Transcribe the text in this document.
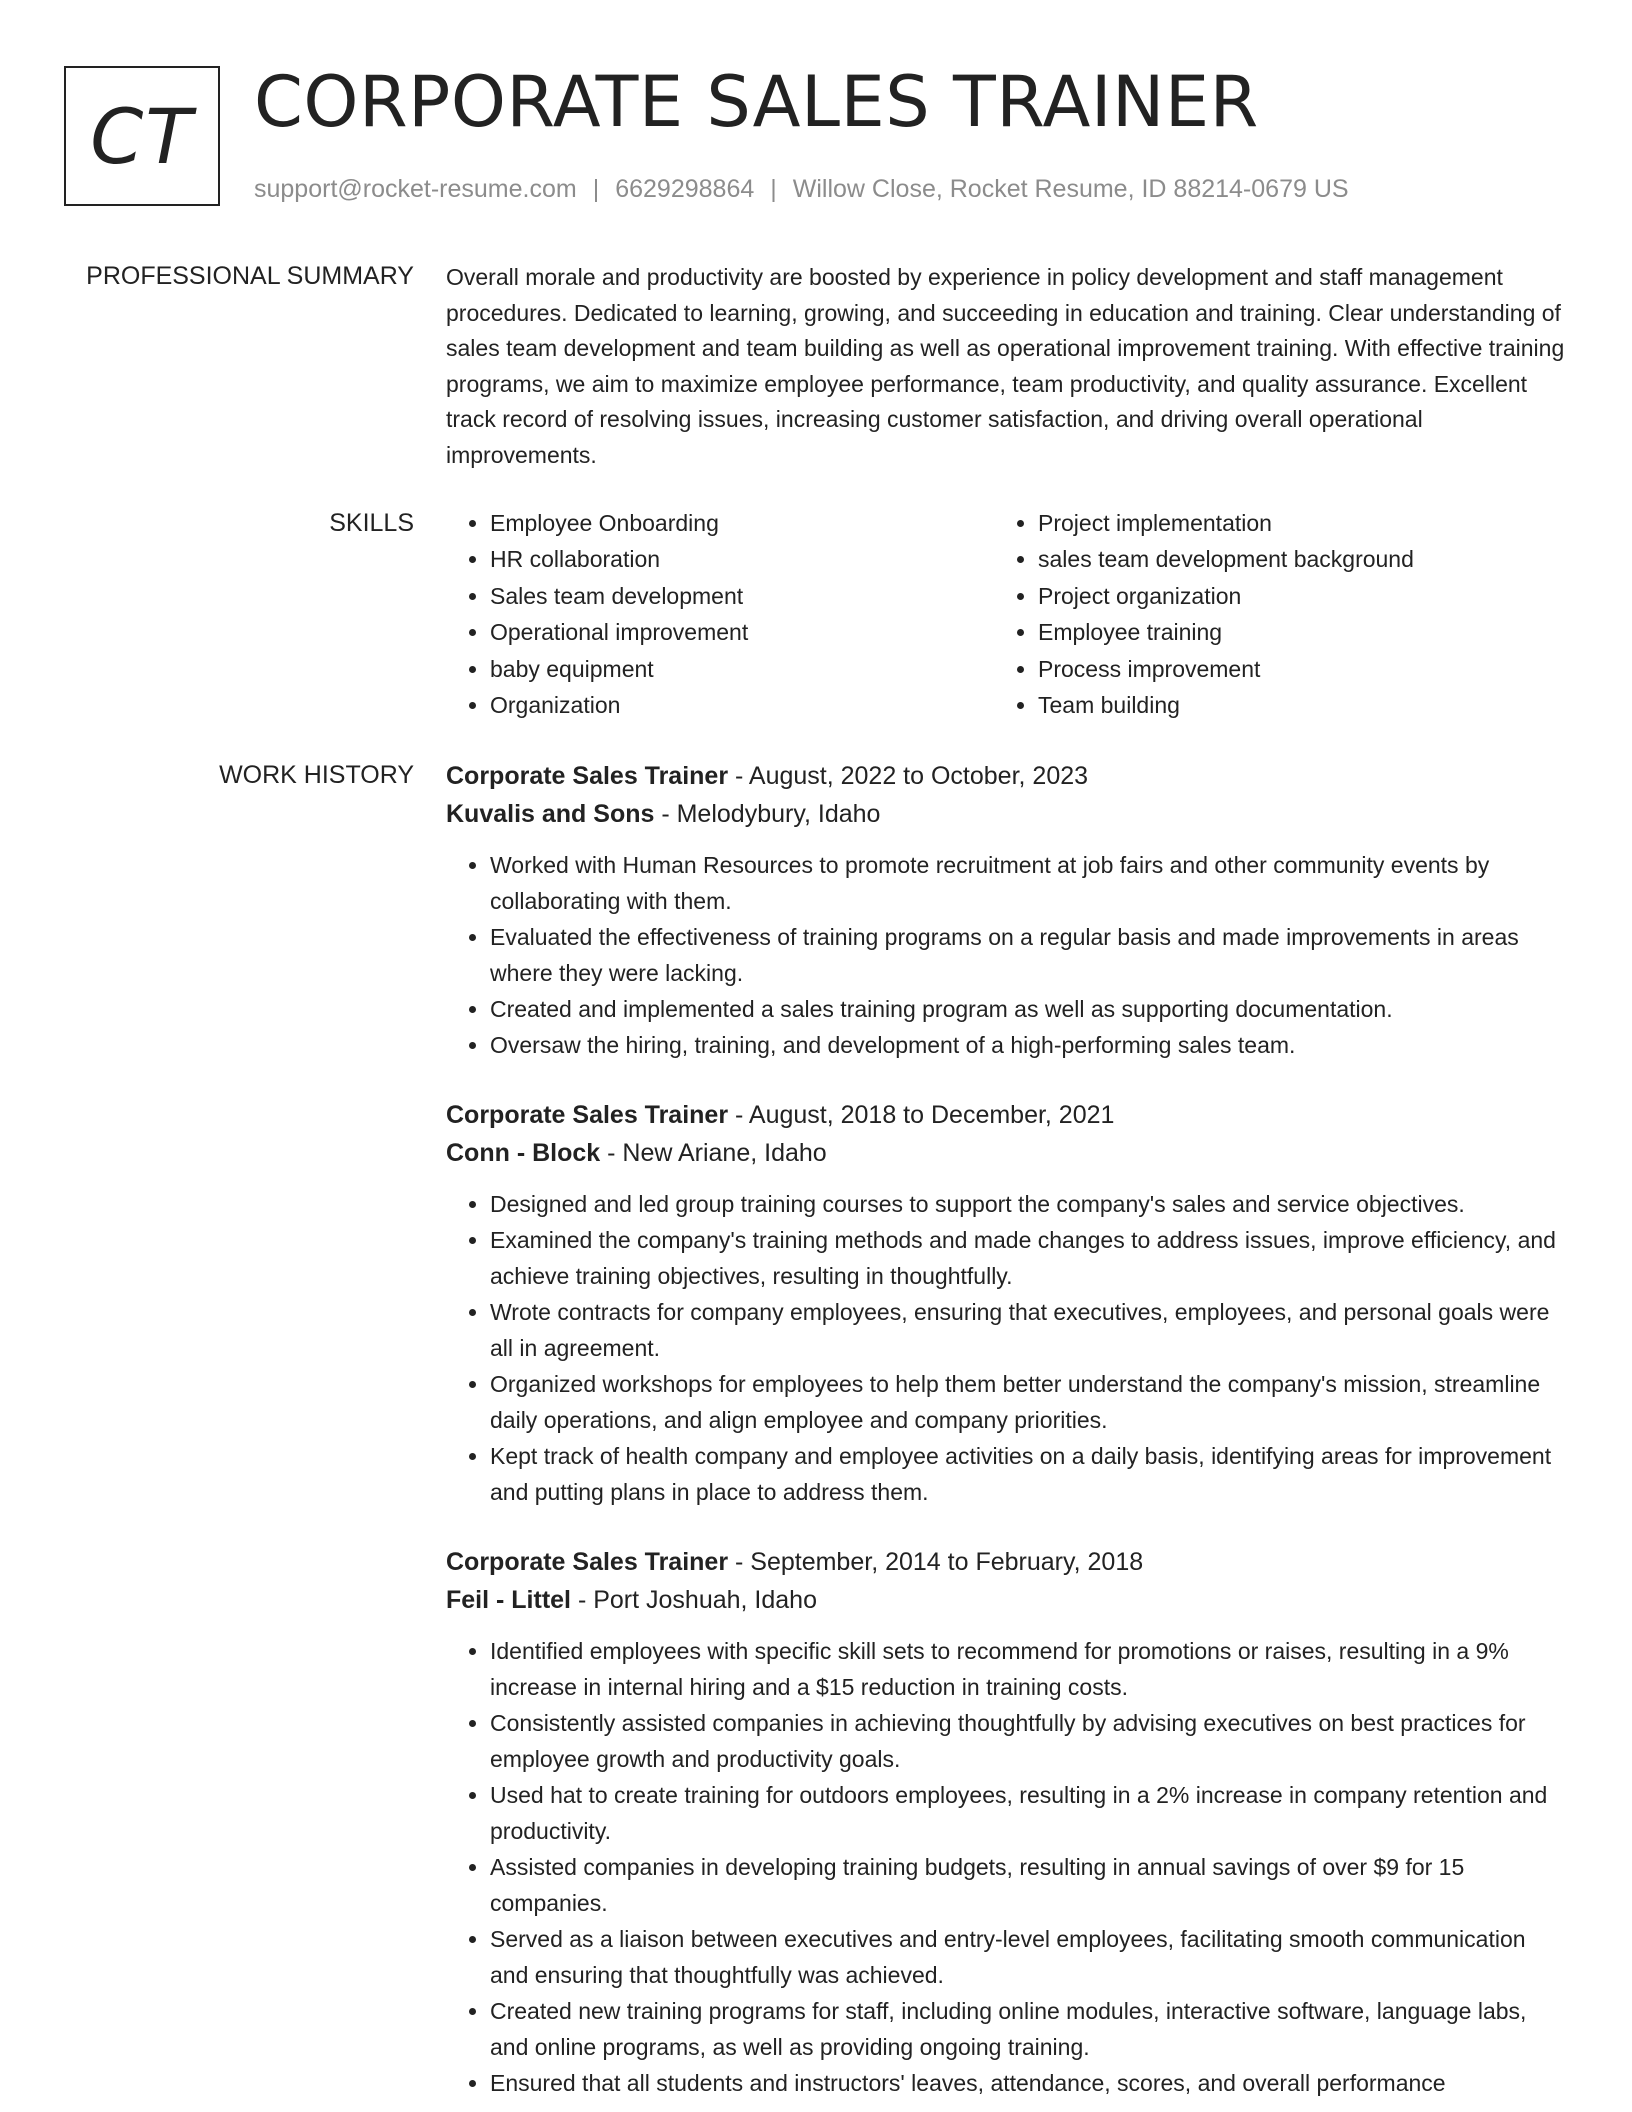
CT CORPORATE SALES TRAINER
support@rocket-resume.com | 6629298864 | Willow Close, Rocket Resume, ID 88214-0679 US
PROFESSIONAL SUMMARY Overall morale and productivity are boosted by experience in policy development and staff management procedures. Dedicated to learning, growing, and succeeding in education and training. Clear understanding of sales team development and team building as well as operational improvement training. With effective training programs, we aim to maximize employee performance, team productivity, and quality assurance. Excellent track record of resolving issues, increasing customer satisfaction, and driving overall operational improvements.

SKILLS
•	Employee Onboarding
• HR collaboration
• Sales team development
• Operational improvement
• baby equipment
• Organization
• Project implementation
• sales team development background
• Project organization
• Employee training
• Process improvement
• Team building
WORK HISTORY Corporate Sales Trainer - August, 2022 to October, 2023
Kuvalis and Sons - Melodybury, Idaho
• Worked with Human Resources to promote recruitment at job fairs and other community events by collaborating with them.
• Evaluated the effectiveness of training programs on a regular basis and made improvements in areas where they were lacking.
• Created and implemented a sales training program as well as supporting documentation.
• Oversaw the hiring, training, and development of a high-performing sales team.
Corporate Sales Trainer - August, 2018 to December, 2021
Conn - Block - New Ariane, Idaho
• Designed and led group training courses to support the company's sales and service objectives.
• Examined the company's training methods and made changes to address issues, improve efficiency, and achieve training objectives, resulting in thoughtfully.
• Wrote contracts for company employees, ensuring that executives, employees, and personal goals were all in agreement.
• Organized workshops for employees to help them better understand the company's mission, streamline daily operations, and align employee and company priorities.
• Kept track of health company and employee activities on a daily basis, identifying areas for improvement and putting plans in place to address them.
Corporate Sales Trainer - September, 2014 to February, 2018
Feil - Littel - Port Joshuah, Idaho
• Identified employees with specific skill sets to recommend for promotions or raises, resulting in a 9% increase in internal hiring and a $15 reduction in training costs.
• Consistently assisted companies in achieving thoughtfully by advising executives on best practices for employee growth and productivity goals.
• Used hat to create training for outdoors employees, resulting in a 2% increase in company retention and productivity.
• Assisted companies in developing training budgets, resulting in annual savings of over $9 for 15 companies.
• Served as a liaison between executives and entry-level employees, facilitating smooth communication and ensuring that thoughtfully was achieved.
• Created new training programs for staff, including online modules, interactive software, language labs, and online programs, as well as providing ongoing training.
• Ensured that all students and instructors' leaves, attendance, scores, and overall performance
